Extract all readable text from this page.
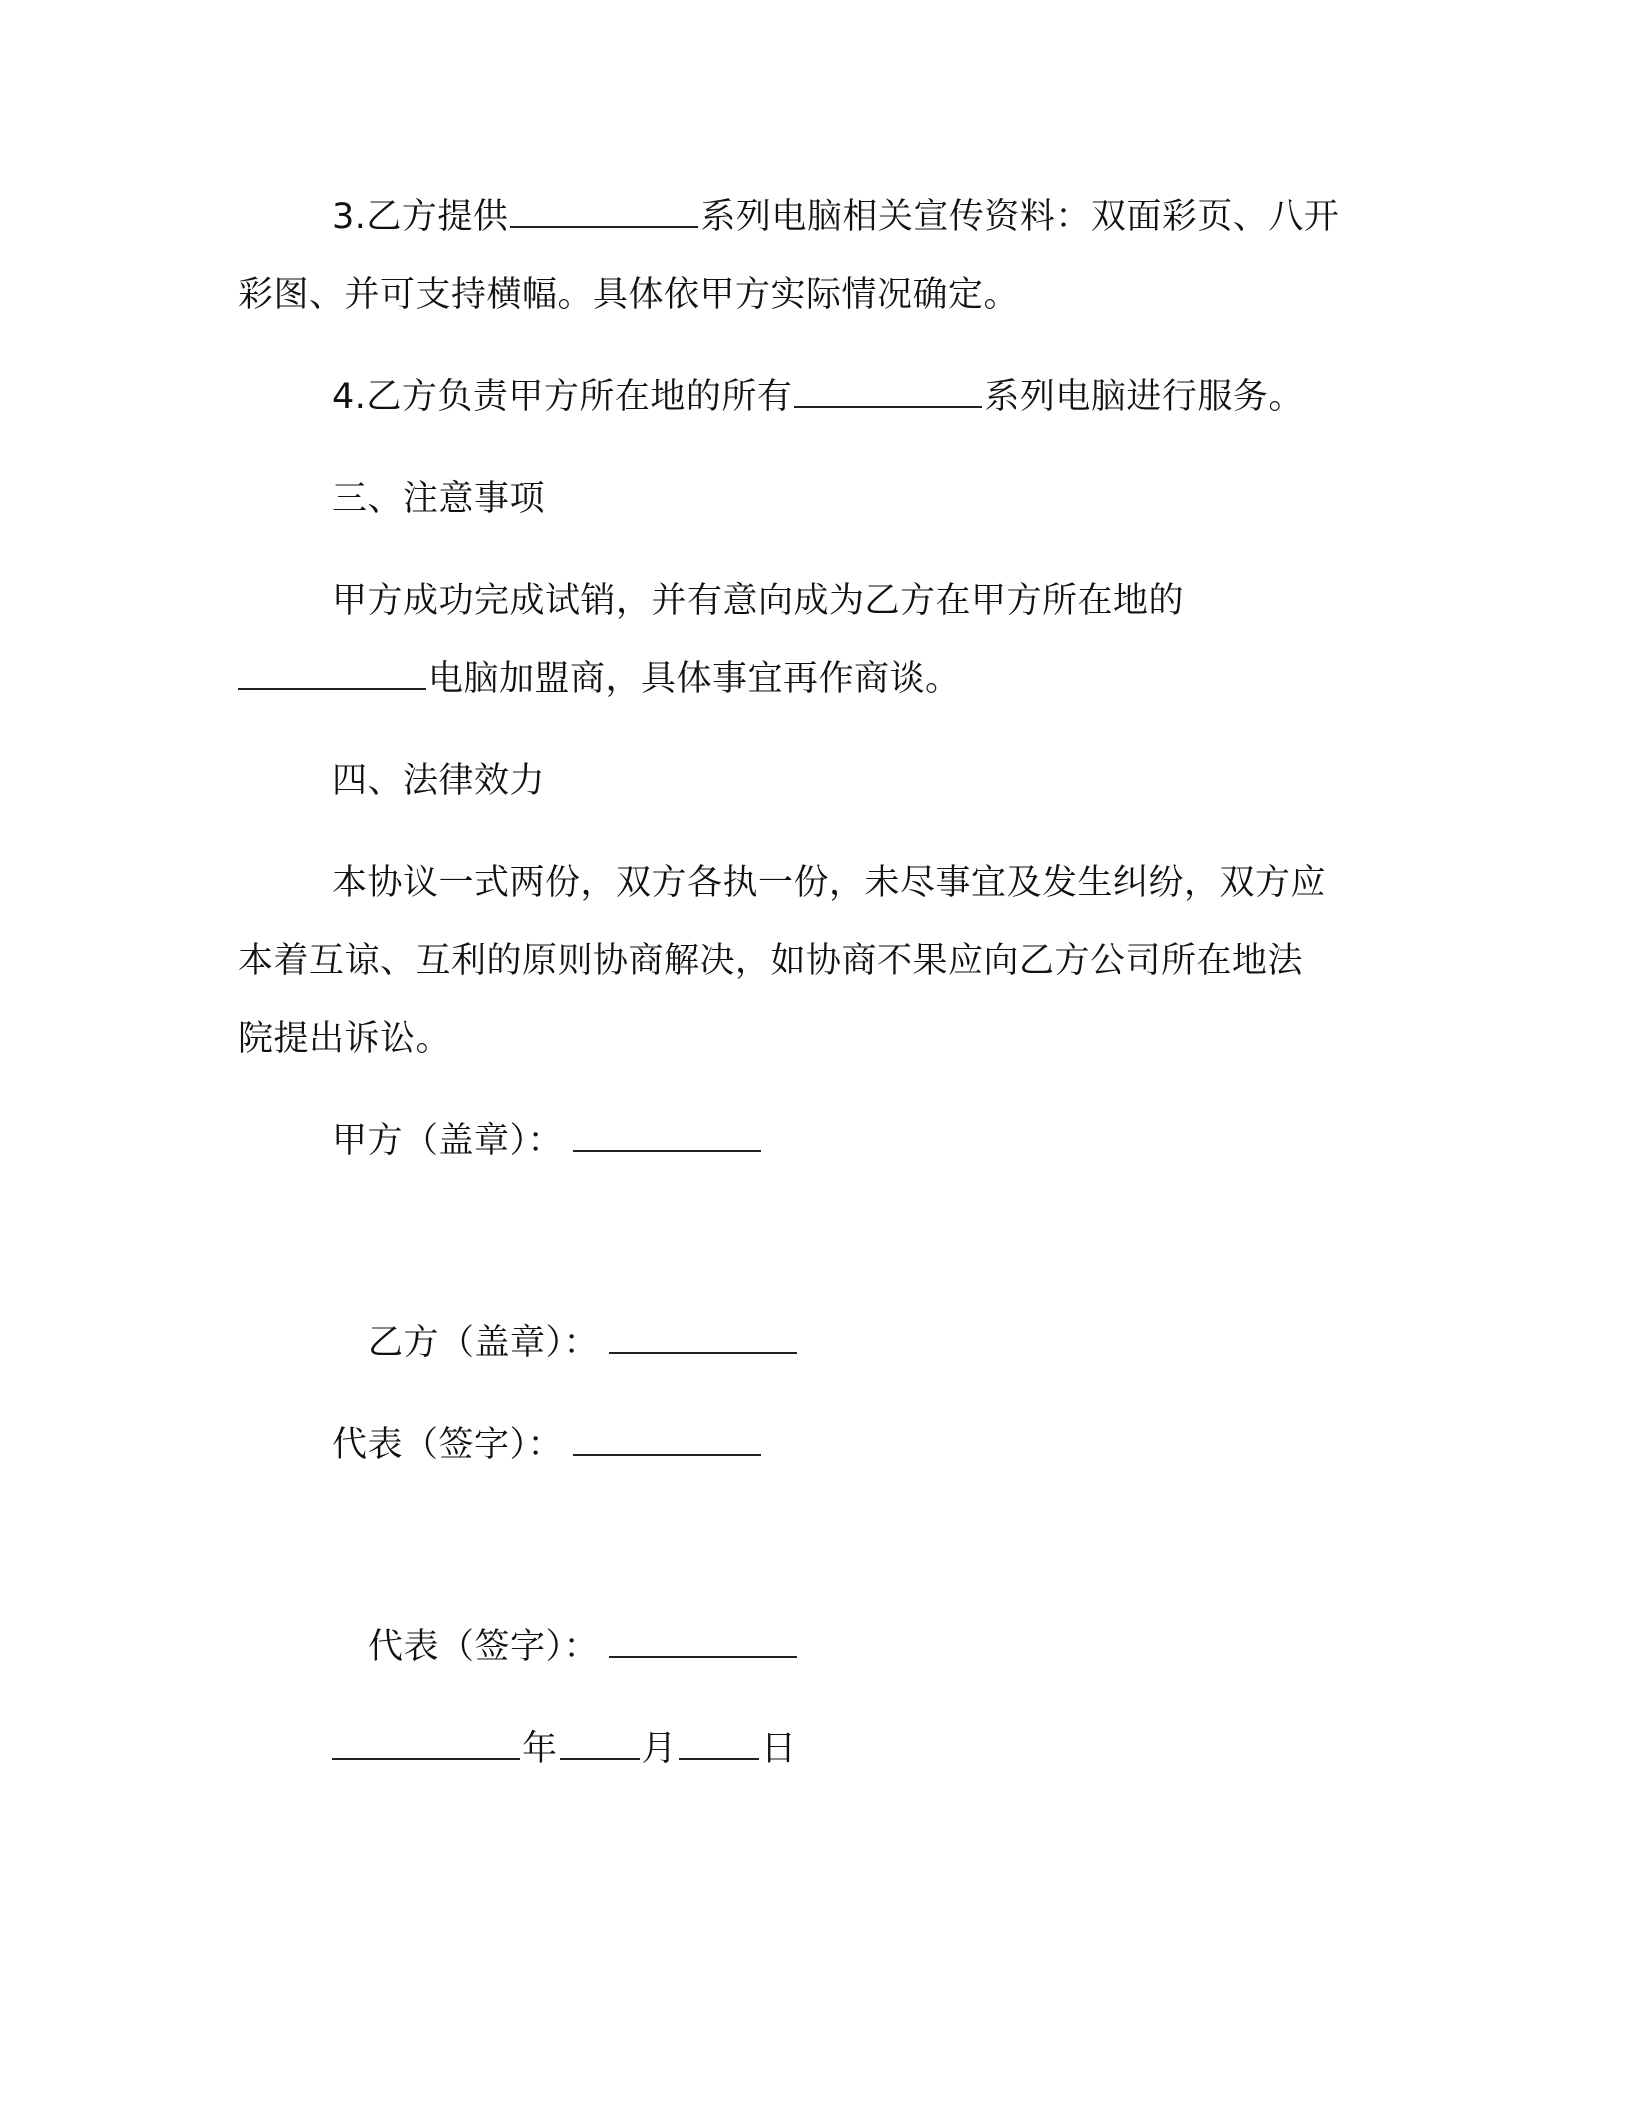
3.乙方提供	系列电脑相关宣传资料：双面彩页、八开

彩图、并可支持横幅。具体依甲方实际情况确定。

4.乙方负责甲方所在地的所有	系列电脑进行服务。

三、注意事项

甲方成功完成试销，并有意向成为乙方在甲方所在地的

电脑加盟商，具体事宜再作商谈。

四、法律效力

本协议一式两份，双方各执一份，未尽事宜及发生纠纷，双方应

本着互谅、互利的原则协商解决，如协商不果应向乙方公司所在地法

院提出诉讼。

甲方（盖章）：

乙方（盖章）：

代表（签字）：

代表（签字）：

年 月 日
